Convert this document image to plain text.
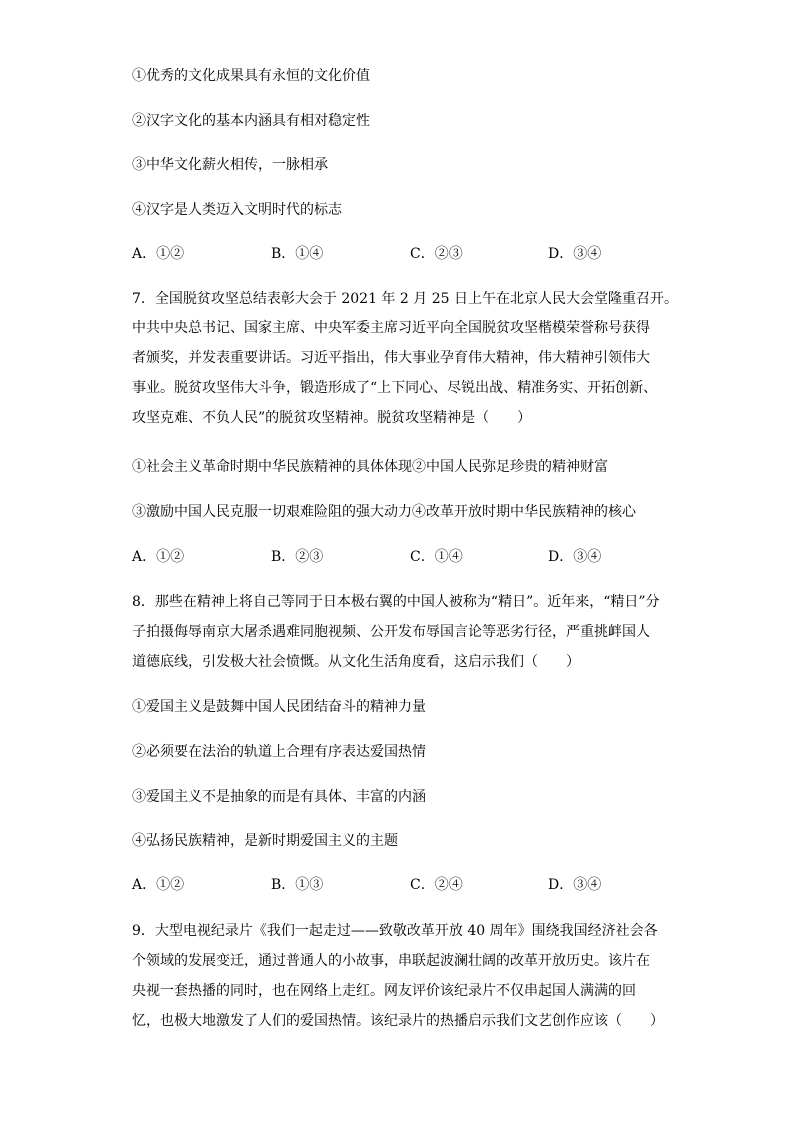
①优秀的文化成果具有永恒的文化价值
②汉字文化的基本内涵具有相对稳定性
③中华文化薪火相传，一脉相承
④汉字是人类迈入文明时代的标志
A．①②	B．①④	C．②③	D．③④
7．全国脱贫攻坚总结表彰大会于 2021 年 2 月 25 日上午在北京人民大会堂隆重召开。
中共中央总书记、国家主席、中央军委主席习近平向全国脱贫攻坚楷模荣誉称号获得
者颁奖，并发表重要讲话。习近平指出，伟大事业孕育伟大精神，伟大精神引领伟大
事业。脱贫攻坚伟大斗争，锻造形成了“上下同心、尽锐出战、精准务实、开拓创新、
攻坚克难、不负人民”的脱贫攻坚精神。脱贫攻坚精神是（　　）
①社会主义革命时期中华民族精神的具体体现②中国人民弥足珍贵的精神财富
③激励中国人民克服一切艰难险阻的强大动力④改革开放时期中华民族精神的核心
A．①②	B．②③	C．①④	D．③④
8．那些在精神上将自己等同于日本极右翼的中国人被称为“精日”。近年来，“精日”分
子拍摄侮辱南京大屠杀遇难同胞视频、公开发布辱国言论等恶劣行径，严重挑衅国人
道德底线，引发极大社会愤慨。从文化生活角度看，这启示我们（　　）
①爱国主义是鼓舞中国人民团结奋斗的精神力量
②必须要在法治的轨道上合理有序表达爱国热情
③爱国主义不是抽象的而是有具体、丰富的内涵
④弘扬民族精神，是新时期爱国主义的主题
A．①②	B．①③	C．②④	D．③④
9．大型电视纪录片《我们一起走过——致敬改革开放 40 周年》围绕我国经济社会各
个领域的发展变迁，通过普通人的小故事，串联起波澜壮阔的改革开放历史。该片在
央视一套热播的同时，也在网络上走红。网友评价该纪录片不仅串起国人满满的回
忆，也极大地激发了人们的爱国热情。该纪录片的热播启示我们文艺创作应该（　　）
